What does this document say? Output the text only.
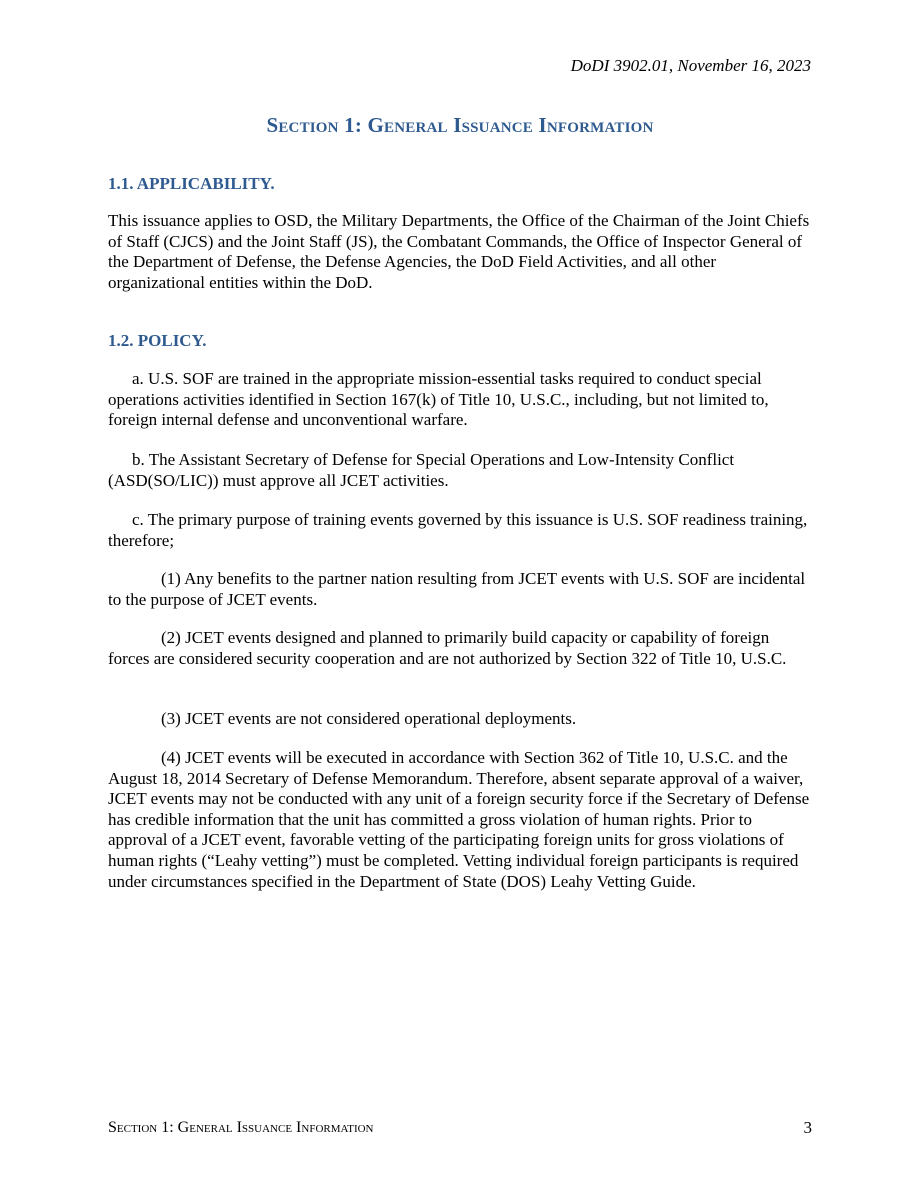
DoDI 3902.01, November 16, 2023
Section 1: General Issuance Information
1.1. APPLICABILITY.

This issuance applies to OSD, the Military Departments, the Office of the Chairman of the Joint Chiefs of Staff (CJCS) and the Joint Staff (JS), the Combatant Commands, the Office of Inspector General of the Department of Defense, the Defense Agencies, the DoD Field Activities, and all other organizational entities within the DoD.

1.2. POLICY.

a. U.S. SOF are trained in the appropriate mission-essential tasks required to conduct special operations activities identified in Section 167(k) of Title 10, U.S.C., including, but not limited to, foreign internal defense and unconventional warfare.

b. The Assistant Secretary of Defense for Special Operations and Low-Intensity Conflict (ASD(SO/LIC)) must approve all JCET activities.

c. The primary purpose of training events governed by this issuance is U.S. SOF readiness training, therefore;

(1) Any benefits to the partner nation resulting from JCET events with U.S. SOF are incidental to the purpose of JCET events.

(2) JCET events designed and planned to primarily build capacity or capability of foreign forces are considered security cooperation and are not authorized by Section 322 of Title 10, U.S.C.

(3) JCET events are not considered operational deployments.

(4) JCET events will be executed in accordance with Section 362 of Title 10, U.S.C. and the August 18, 2014 Secretary of Defense Memorandum. Therefore, absent separate approval of a waiver, JCET events may not be conducted with any unit of a foreign security force if the Secretary of Defense has credible information that the unit has committed a gross violation of human rights. Prior to approval of a JCET event, favorable vetting of the participating foreign units for gross violations of human rights (“Leahy vetting”) must be completed. Vetting individual foreign participants is required under circumstances specified in the Department of State (DOS) Leahy Vetting Guide.

Section 1: General Issuance Information	3
